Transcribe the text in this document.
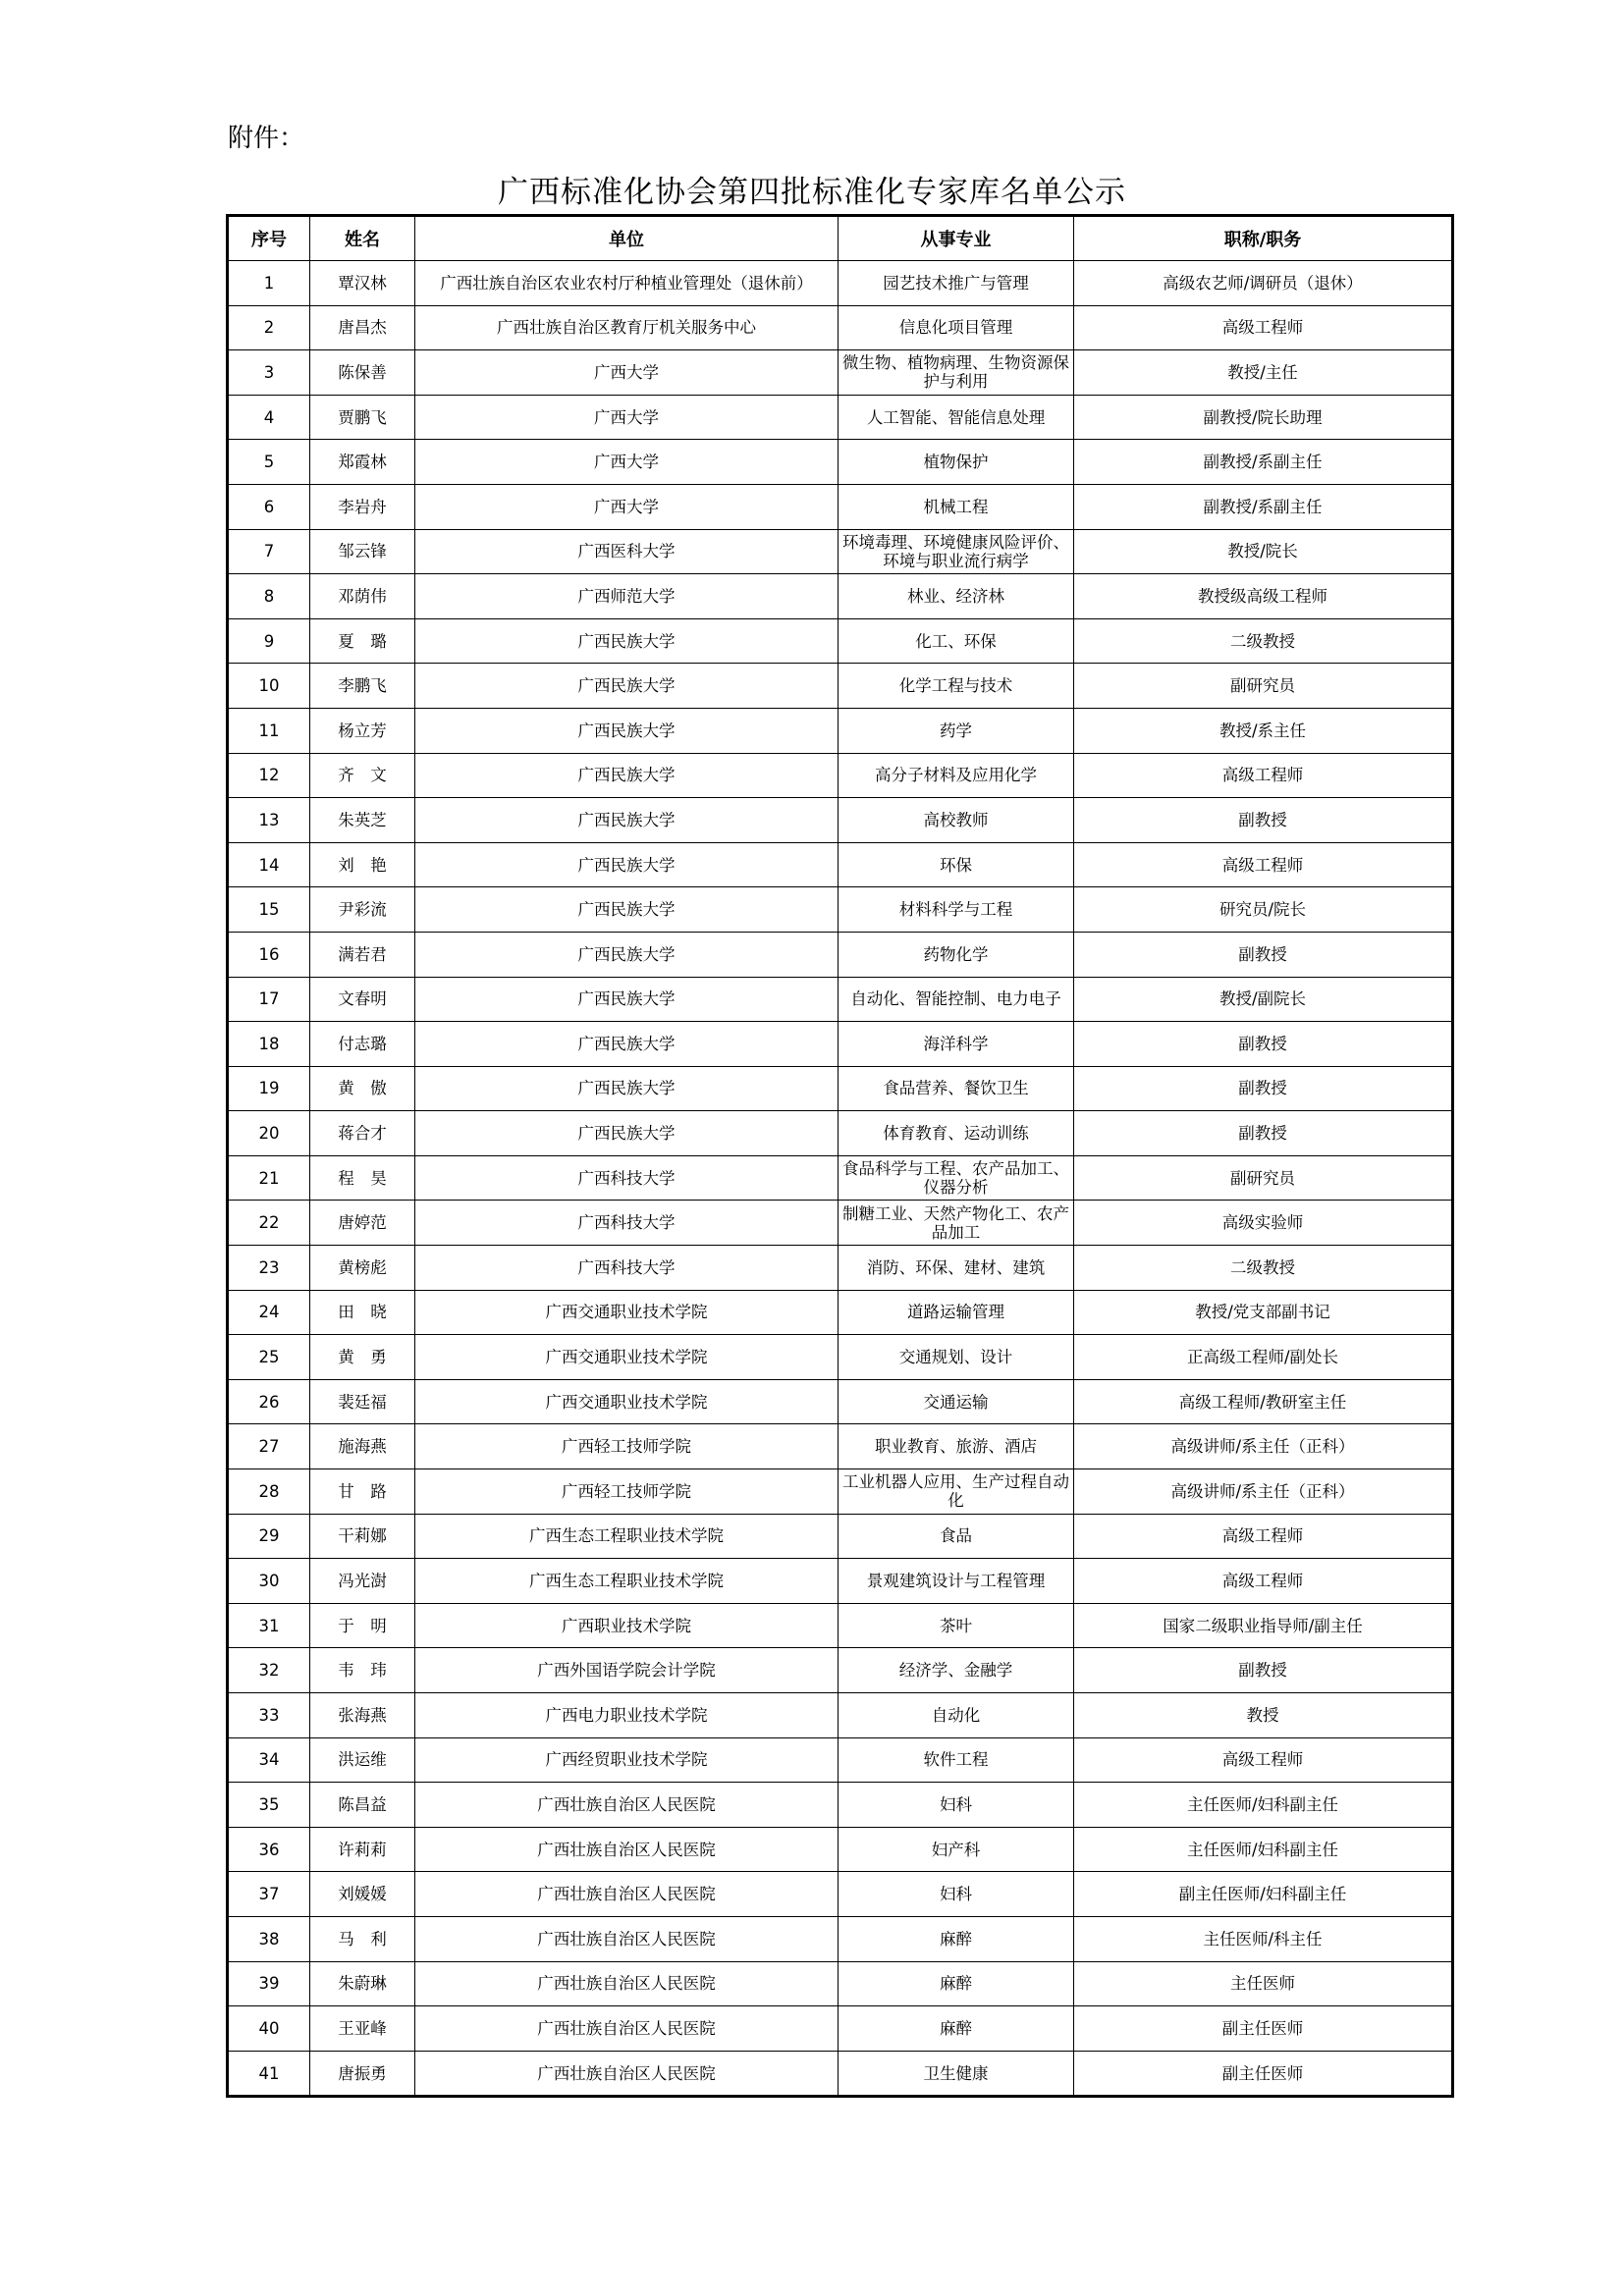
附件：
广西标准化协会第四批标准化专家库名单公示
序号	姓名	单位	从事专业	职称/职务
1	覃汉林	广西壮族自治区农业农村厅种植业管理处（退休前）	园艺技术推广与管理	高级农艺师/调研员（退休）
2	唐昌杰	广西壮族自治区教育厅机关服务中心	信息化项目管理	高级工程师
3	陈保善	广西大学	微生物、植物病理、生物资源保护与利用	教授/主任
4	贾鹏飞	广西大学	人工智能、智能信息处理	副教授/院长助理
5	郑霞林	广西大学	植物保护	副教授/系副主任
6	李岩舟	广西大学	机械工程	副教授/系副主任
7	邹云锋	广西医科大学	环境毒理、环境健康风险评价、环境与职业流行病学	教授/院长
8	邓荫伟	广西师范大学	林业、经济林	教授级高级工程师
9	夏　璐	广西民族大学	化工、环保	二级教授
10	李鹏飞	广西民族大学	化学工程与技术	副研究员
11	杨立芳	广西民族大学	药学	教授/系主任
12	齐　文	广西民族大学	高分子材料及应用化学	高级工程师
13	朱英芝	广西民族大学	高校教师	副教授
14	刘　艳	广西民族大学	环保	高级工程师
15	尹彩流	广西民族大学	材料科学与工程	研究员/院长
16	满若君	广西民族大学	药物化学	副教授
17	文春明	广西民族大学	自动化、智能控制、电力电子	教授/副院长
18	付志璐	广西民族大学	海洋科学	副教授
19	黄　傲	广西民族大学	食品营养、餐饮卫生	副教授
20	蒋合才	广西民族大学	体育教育、运动训练	副教授
21	程　昊	广西科技大学	食品科学与工程、农产品加工、仪器分析	副研究员
22	唐婷范	广西科技大学	制糖工业、天然产物化工、农产品加工	高级实验师
23	黄榜彪	广西科技大学	消防、环保、建材、建筑	二级教授
24	田　晓	广西交通职业技术学院	道路运输管理	教授/党支部副书记
25	黄　勇	广西交通职业技术学院	交通规划、设计	正高级工程师/副处长
26	裴廷福	广西交通职业技术学院	交通运输	高级工程师/教研室主任
27	施海燕	广西轻工技师学院	职业教育、旅游、酒店	高级讲师/系主任（正科）
28	甘　路	广西轻工技师学院	工业机器人应用、生产过程自动化	高级讲师/系主任（正科）
29	干莉娜	广西生态工程职业技术学院	食品	高级工程师
30	冯光澍	广西生态工程职业技术学院	景观建筑设计与工程管理	高级工程师
31	于　明	广西职业技术学院	茶叶	国家二级职业指导师/副主任
32	韦　玮	广西外国语学院会计学院	经济学、金融学	副教授
33	张海燕	广西电力职业技术学院	自动化	教授
34	洪运维	广西经贸职业技术学院	软件工程	高级工程师
35	陈昌益	广西壮族自治区人民医院	妇科	主任医师/妇科副主任
36	许莉莉	广西壮族自治区人民医院	妇产科	主任医师/妇科副主任
37	刘媛媛	广西壮族自治区人民医院	妇科	副主任医师/妇科副主任
38	马　利	广西壮族自治区人民医院	麻醉	主任医师/科主任
39	朱蔚琳	广西壮族自治区人民医院	麻醉	主任医师
40	王亚峰	广西壮族自治区人民医院	麻醉	副主任医师
41	唐振勇	广西壮族自治区人民医院	卫生健康	副主任医师
